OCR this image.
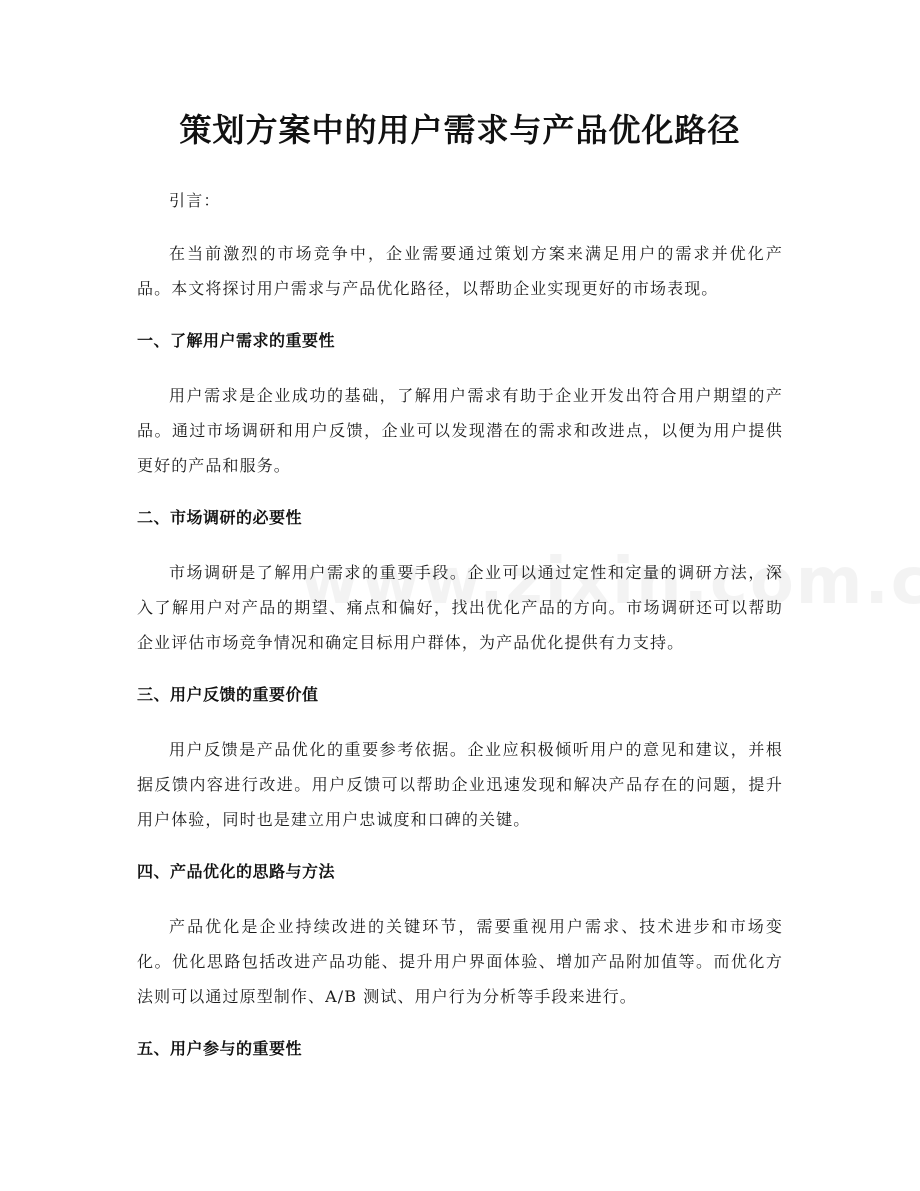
策划方案中的用户需求与产品优化路径

引言：

在当前激烈的市场竞争中，企业需要通过策划方案来满足用户的需求并优化产品。本文将探讨用户需求与产品优化路径，以帮助企业实现更好的市场表现。

一、了解用户需求的重要性

用户需求是企业成功的基础，了解用户需求有助于企业开发出符合用户期望的产品。通过市场调研和用户反馈，企业可以发现潜在的需求和改进点，以便为用户提供更好的产品和服务。

二、市场调研的必要性

市场调研是了解用户需求的重要手段。企业可以通过定性和定量的调研方法，深入了解用户对产品的期望、痛点和偏好，找出优化产品的方向。市场调研还可以帮助企业评估市场竞争情况和确定目标用户群体，为产品优化提供有力支持。

三、用户反馈的重要价值

用户反馈是产品优化的重要参考依据。企业应积极倾听用户的意见和建议，并根据反馈内容进行改进。用户反馈可以帮助企业迅速发现和解决产品存在的问题，提升用户体验，同时也是建立用户忠诚度和口碑的关键。

四、产品优化的思路与方法

产品优化是企业持续改进的关键环节，需要重视用户需求、技术进步和市场变化。优化思路包括改进产品功能、提升用户界面体验、增加产品附加值等。而优化方法则可以通过原型制作、A/B 测试、用户行为分析等手段来进行。

五、用户参与的重要性
